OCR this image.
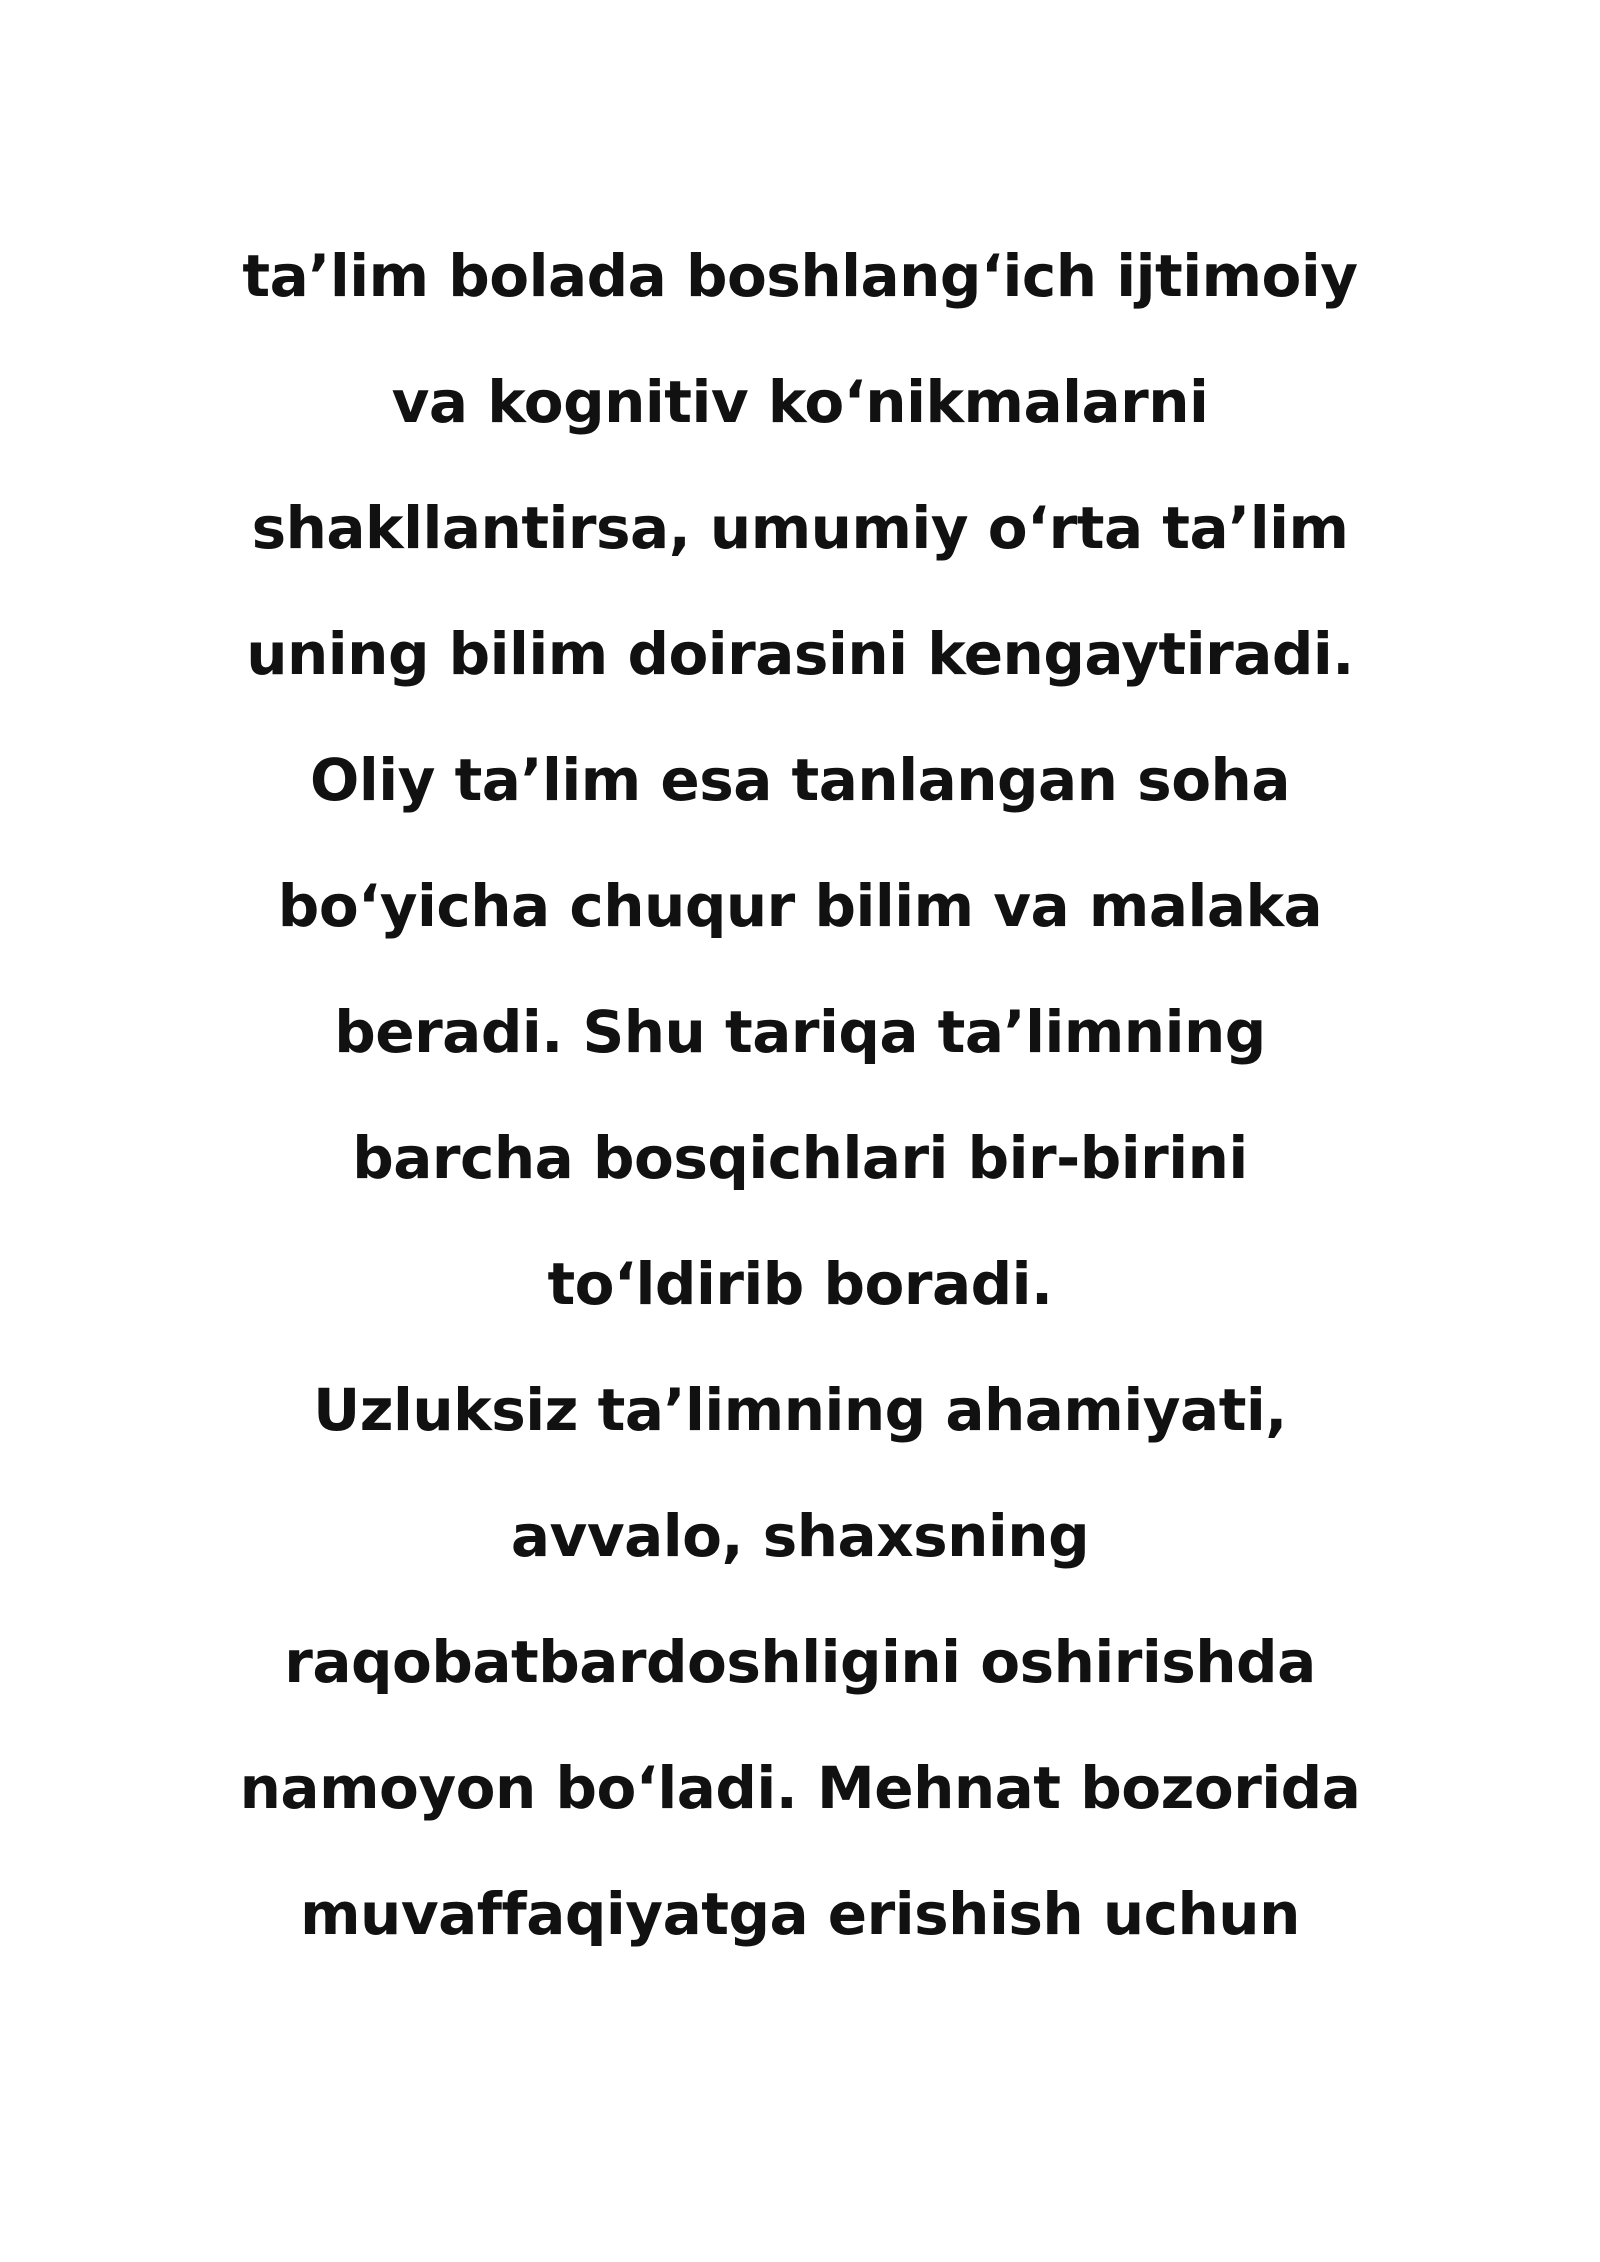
ta’lim bolada boshlang‘ich ijtimoiy
va kognitiv ko‘nikmalarni
shakllantirsa, umumiy o‘rta ta’lim
uning bilim doirasini kengaytiradi.
Oliy ta’lim esa tanlangan soha
bo‘yicha chuqur bilim va malaka
beradi. Shu tariqa ta’limning
barcha bosqichlari bir-birini
to‘ldirib boradi.
Uzluksiz ta’limning ahamiyati,
avvalo, shaxsning
raqobatbardoshligini oshirishda
namoyon bo‘ladi. Mehnat bozorida
muvaffaqiyatga erishish uchun
